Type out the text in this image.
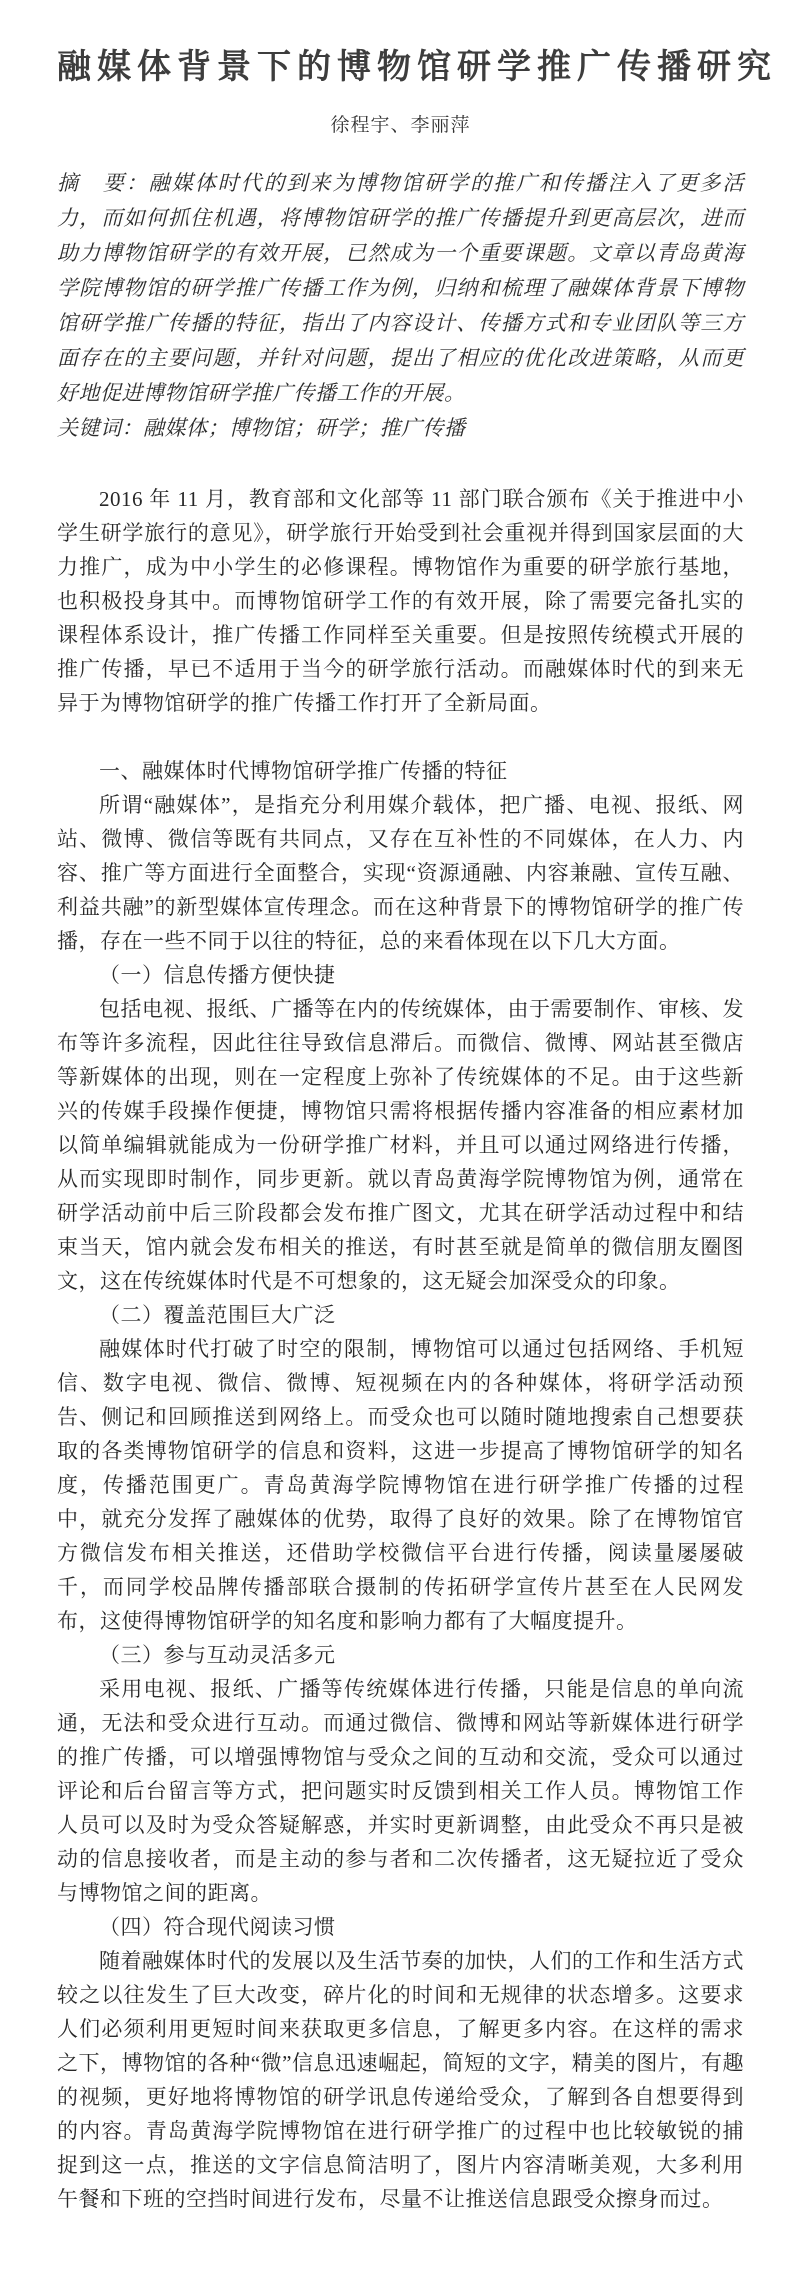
融媒体背景下的博物馆研学推广传播研究
徐程宇、李丽萍

摘　要：融媒体时代的到来为博物馆研学的推广和传播注入了更多活力，而如何抓住机遇，将博物馆研学的推广传播提升到更高层次，进而助力博物馆研学的有效开展，已然成为一个重要课题。文章以青岛黄海学院博物馆的研学推广传播工作为例，归纳和梳理了融媒体背景下博物馆研学推广传播的特征，指出了内容设计、传播方式和专业团队等三方面存在的主要问题，并针对问题，提出了相应的优化改进策略，从而更好地促进博物馆研学推广传播工作的开展。

关键词：融媒体；博物馆；研学；推广传播

2016 年 11 月，教育部和文化部等 11 部门联合颁布《关于推进中小学生研学旅行的意见》，研学旅行开始受到社会重视并得到国家层面的大力推广，成为中小学生的必修课程。博物馆作为重要的研学旅行基地，也积极投身其中。而博物馆研学工作的有效开展，除了需要完备扎实的课程体系设计，推广传播工作同样至关重要。但是按照传统模式开展的推广传播，早已不适用于当今的研学旅行活动。而融媒体时代的到来无异于为博物馆研学的推广传播工作打开了全新局面。

一、融媒体时代博物馆研学推广传播的特征

所谓“融媒体”，是指充分利用媒介载体，把广播、电视、报纸、网站、微博、微信等既有共同点，又存在互补性的不同媒体，在人力、内容、推广等方面进行全面整合，实现“资源通融、内容兼融、宣传互融、利益共融”的新型媒体宣传理念。而在这种背景下的博物馆研学的推广传播，存在一些不同于以往的特征，总的来看体现在以下几大方面。

（一）信息传播方便快捷

包括电视、报纸、广播等在内的传统媒体，由于需要制作、审核、发布等许多流程，因此往往导致信息滞后。而微信、微博、网站甚至微店等新媒体的出现，则在一定程度上弥补了传统媒体的不足。由于这些新兴的传媒手段操作便捷，博物馆只需将根据传播内容准备的相应素材加以简单编辑就能成为一份研学推广材料，并且可以通过网络进行传播，从而实现即时制作，同步更新。就以青岛黄海学院博物馆为例，通常在研学活动前中后三阶段都会发布推广图文，尤其在研学活动过程中和结束当天，馆内就会发布相关的推送，有时甚至就是简单的微信朋友圈图文，这在传统媒体时代是不可想象的，这无疑会加深受众的印象。

（二）覆盖范围巨大广泛

融媒体时代打破了时空的限制，博物馆可以通过包括网络、手机短信、数字电视、微信、微博、短视频在内的各种媒体，将研学活动预告、侧记和回顾推送到网络上。而受众也可以随时随地搜索自己想要获取的各类博物馆研学的信息和资料，这进一步提高了博物馆研学的知名度，传播范围更广。青岛黄海学院博物馆在进行研学推广传播的过程中，就充分发挥了融媒体的优势，取得了良好的效果。除了在博物馆官方微信发布相关推送，还借助学校微信平台进行传播，阅读量屡屡破千，而同学校品牌传播部联合摄制的传拓研学宣传片甚至在人民网发布，这使得博物馆研学的知名度和影响力都有了大幅度提升。

（三）参与互动灵活多元

采用电视、报纸、广播等传统媒体进行传播，只能是信息的单向流通，无法和受众进行互动。而通过微信、微博和网站等新媒体进行研学的推广传播，可以增强博物馆与受众之间的互动和交流，受众可以通过评论和后台留言等方式，把问题实时反馈到相关工作人员。博物馆工作人员可以及时为受众答疑解惑，并实时更新调整，由此受众不再只是被动的信息接收者，而是主动的参与者和二次传播者，这无疑拉近了受众与博物馆之间的距离。

（四）符合现代阅读习惯

随着融媒体时代的发展以及生活节奏的加快，人们的工作和生活方式较之以往发生了巨大改变，碎片化的时间和无规律的状态增多。这要求人们必须利用更短时间来获取更多信息，了解更多内容。在这样的需求之下，博物馆的各种“微”信息迅速崛起，简短的文字，精美的图片，有趣的视频，更好地将博物馆的研学讯息传递给受众，了解到各自想要得到的内容。青岛黄海学院博物馆在进行研学推广的过程中也比较敏锐的捕捉到这一点，推送的文字信息简洁明了，图片内容清晰美观，大多利用午餐和下班的空挡时间进行发布，尽量不让推送信息跟受众擦身而过。
